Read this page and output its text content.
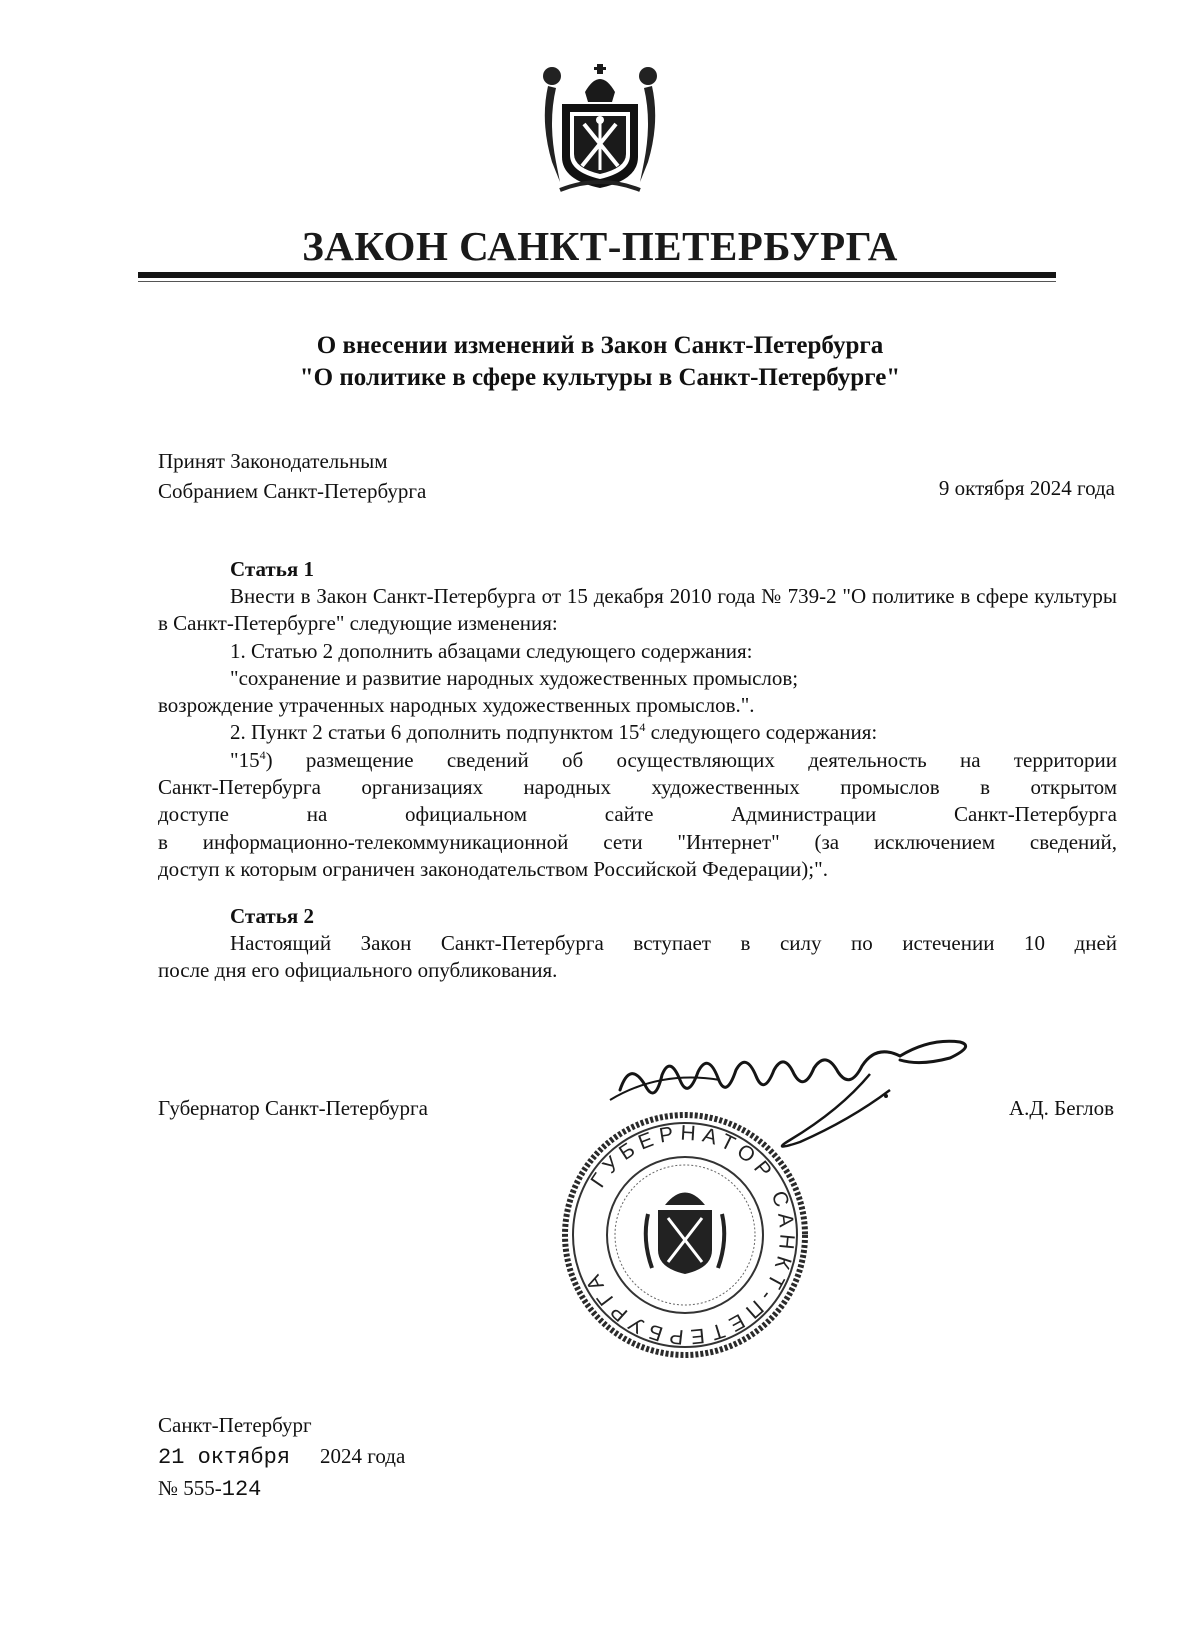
ЗАКОН САНКТ-ПЕТЕРБУРГА
О внесении изменений в Закон Санкт-Петербурга
"О политике в сфере культуры в Санкт-Петербурге"
Принят Законодательным
Собранием Санкт-Петербурга	9 октября 2024 года
Статья 1
Внести в Закон Санкт-Петербурга от 15 декабря 2010 года № 739-2 "О политике в сфере культуры в Санкт-Петербурге" следующие изменения:
1. Статью 2 дополнить абзацами следующего содержания:
"сохранение и развитие народных художественных промыслов;
возрождение утраченных народных художественных промыслов.".
2. Пункт 2 статьи 6 дополнить подпунктом $15^4$ следующего содержания:
"$15^4$) размещение сведений об осуществляющих деятельность на территории
Санкт-Петербурга организациях народных художественных промыслов в открытом
доступе на официальном сайте Администрации Санкт-Петербурга
в информационно-телекоммуникационной сети "Интернет" (за исключением сведений,
доступ к которым ограничен законодательством Российской Федерации);".
Статья 2
Настоящий Закон Санкт-Петербурга вступает в силу по истечении 10 дней
после дня его официального опубликования.
Губернатор Санкт-Петербурга	А.Д. Беглов
ГУБЕРНАТОР САНКТ-ПЕТЕРБУРГА
Санкт-Петербург
21 октября 2024 года
№ 555-124
